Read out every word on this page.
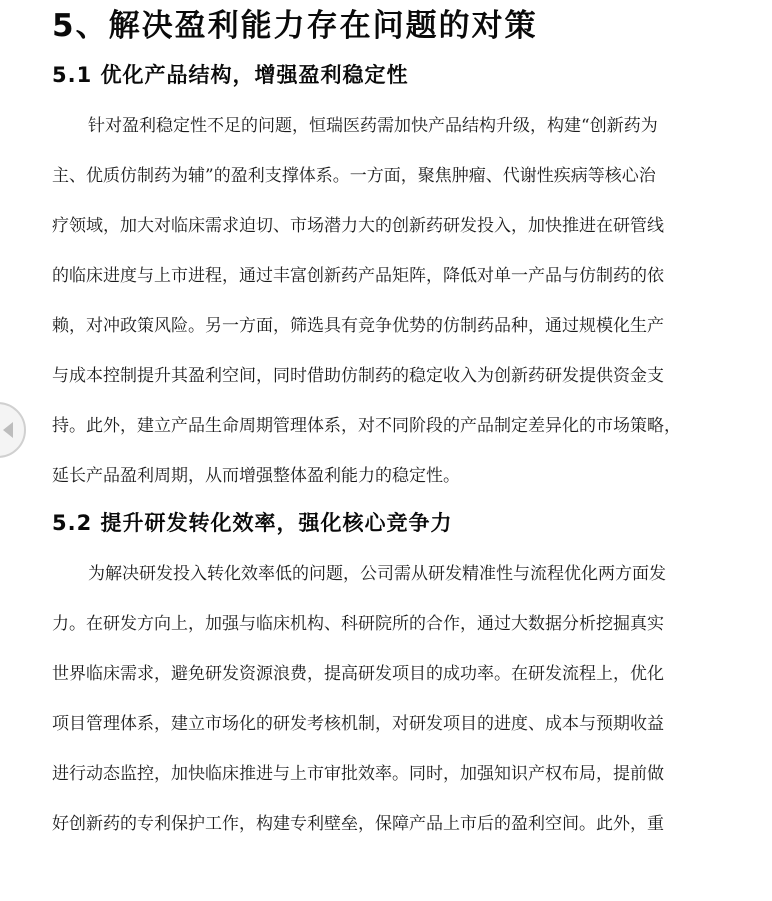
5、解决盈利能力存在问题的对策
5.1 优化产品结构，增强盈利稳定性
针对盈利稳定性不足的问题，恒瑞医药需加快产品结构升级，构建“创新药为
主、优质仿制药为辅”的盈利支撑体系。一方面，聚焦肿瘤、代谢性疾病等核心治
疗领域，加大对临床需求迫切、市场潜力大的创新药研发投入，加快推进在研管线
的临床进度与上市进程，通过丰富创新药产品矩阵，降低对单一产品与仿制药的依
赖，对冲政策风险。另一方面，筛选具有竞争优势的仿制药品种，通过规模化生产
与成本控制提升其盈利空间，同时借助仿制药的稳定收入为创新药研发提供资金支
持。此外，建立产品生命周期管理体系，对不同阶段的产品制定差异化的市场策略，
延长产品盈利周期，从而增强整体盈利能力的稳定性。
5.2 提升研发转化效率，强化核心竞争力
为解决研发投入转化效率低的问题，公司需从研发精准性与流程优化两方面发
力。在研发方向上，加强与临床机构、科研院所的合作，通过大数据分析挖掘真实
世界临床需求，避免研发资源浪费，提高研发项目的成功率。在研发流程上，优化
项目管理体系，建立市场化的研发考核机制，对研发项目的进度、成本与预期收益
进行动态监控，加快临床推进与上市审批效率。同时，加强知识产权布局，提前做
好创新药的专利保护工作，构建专利壁垒，保障产品上市后的盈利空间。此外，重
